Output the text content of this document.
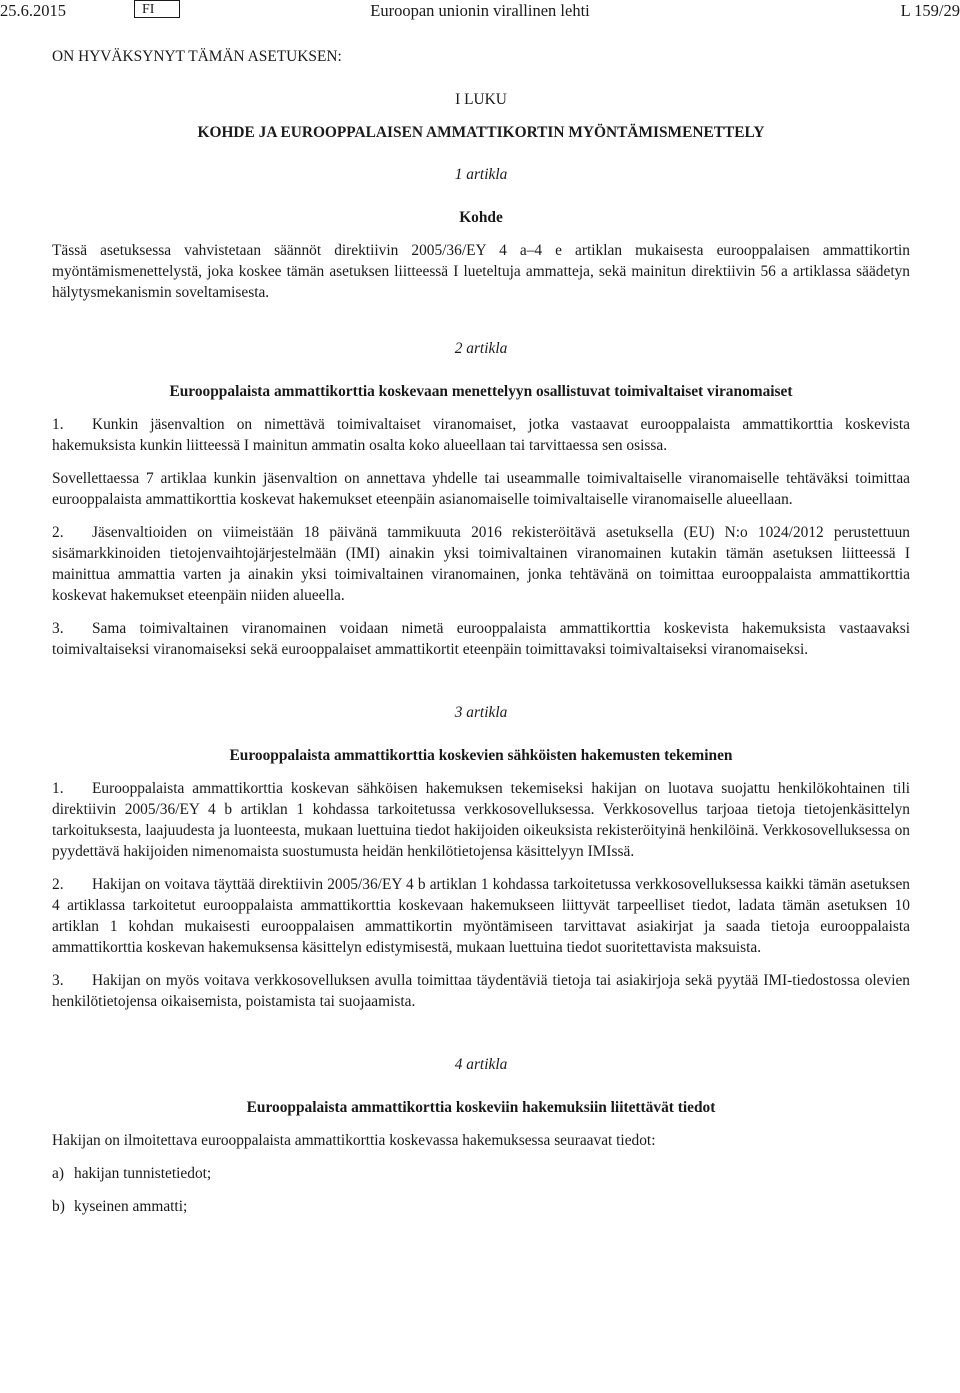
25.6.2015	FI	Euroopan unionin virallinen lehti	L 159/29

ON HYVÄKSYNYT TÄMÄN ASETUKSEN:

I LUKU

KOHDE JA EUROOPPALAISEN AMMATTIKORTIN MYÖNTÄMISMENETTELY

1 artikla

Kohde

Tässä asetuksessa vahvistetaan säännöt direktiivin 2005/36/EY 4 a–4 e artiklan mukaisesta eurooppalaisen ammattikortin myöntämismenettelystä, joka koskee tämän asetuksen liitteessä I lueteltuja ammatteja, sekä mainitun direktiivin 56 a artiklassa säädetyn hälytysmekanismin soveltamisesta.

2 artikla

Eurooppalaista ammattikorttia koskevaan menettelyyn osallistuvat toimivaltaiset viranomaiset

1. Kunkin jäsenvaltion on nimettävä toimivaltaiset viranomaiset, jotka vastaavat eurooppalaista ammattikorttia koskevista hakemuksista kunkin liitteessä I mainitun ammatin osalta koko alueellaan tai tarvittaessa sen osissa.

Sovellettaessa 7 artiklaa kunkin jäsenvaltion on annettava yhdelle tai useammalle toimivaltaiselle viranomaiselle tehtäväksi toimittaa eurooppalaista ammattikorttia koskevat hakemukset eteenpäin asianomaiselle toimivaltaiselle viranomaiselle alueellaan.

2. Jäsenvaltioiden on viimeistään 18 päivänä tammikuuta 2016 rekisteröitävä asetuksella (EU) N:o 1024/2012 perustettuun sisämarkkinoiden tietojenvaihtojärjestelmään (IMI) ainakin yksi toimivaltainen viranomainen kutakin tämän asetuksen liitteessä I mainittua ammattia varten ja ainakin yksi toimivaltainen viranomainen, jonka tehtävänä on toimittaa eurooppalaista ammattikorttia koskevat hakemukset eteenpäin niiden alueella.

3. Sama toimivaltainen viranomainen voidaan nimetä eurooppalaista ammattikorttia koskevista hakemuksista vastaavaksi toimivaltaiseksi viranomaiseksi sekä eurooppalaiset ammattikortit eteenpäin toimittavaksi toimivaltaiseksi viranomaiseksi.

3 artikla

Eurooppalaista ammattikorttia koskevien sähköisten hakemusten tekeminen

1. Eurooppalaista ammattikorttia koskevan sähköisen hakemuksen tekemiseksi hakijan on luotava suojattu henkilökohtainen tili direktiivin 2005/36/EY 4 b artiklan 1 kohdassa tarkoitetussa verkkosovelluksessa. Verkkosovellus tarjoaa tietoja tietojenkäsittelyn tarkoituksesta, laajuudesta ja luonteesta, mukaan luettuina tiedot hakijoiden oikeuksista rekisteröityinä henkilöinä. Verkkosovelluksessa on pyydettävä hakijoiden nimenomaista suostumusta heidän henkilötietojensa käsittelyyn IMIssä.

2. Hakijan on voitava täyttää direktiivin 2005/36/EY 4 b artiklan 1 kohdassa tarkoitetussa verkkosovelluksessa kaikki tämän asetuksen 4 artiklassa tarkoitetut eurooppalaista ammattikorttia koskevaan hakemukseen liittyvät tarpeelliset tiedot, ladata tämän asetuksen 10 artiklan 1 kohdan mukaisesti eurooppalaisen ammattikortin myöntämiseen tarvittavat asiakirjat ja saada tietoja eurooppalaista ammattikorttia koskevan hakemuksensa käsittelyn edistymisestä, mukaan luettuina tiedot suoritettavista maksuista.

3. Hakijan on myös voitava verkkosovelluksen avulla toimittaa täydentäviä tietoja tai asiakirjoja sekä pyytää IMI-tiedostossa olevien henkilötietojensa oikaisemista, poistamista tai suojaamista.

4 artikla

Eurooppalaista ammattikorttia koskeviin hakemuksiin liitettävät tiedot

Hakijan on ilmoitettava eurooppalaista ammattikorttia koskevassa hakemuksessa seuraavat tiedot:

a) hakijan tunnistetiedot;

b) kyseinen ammatti;
